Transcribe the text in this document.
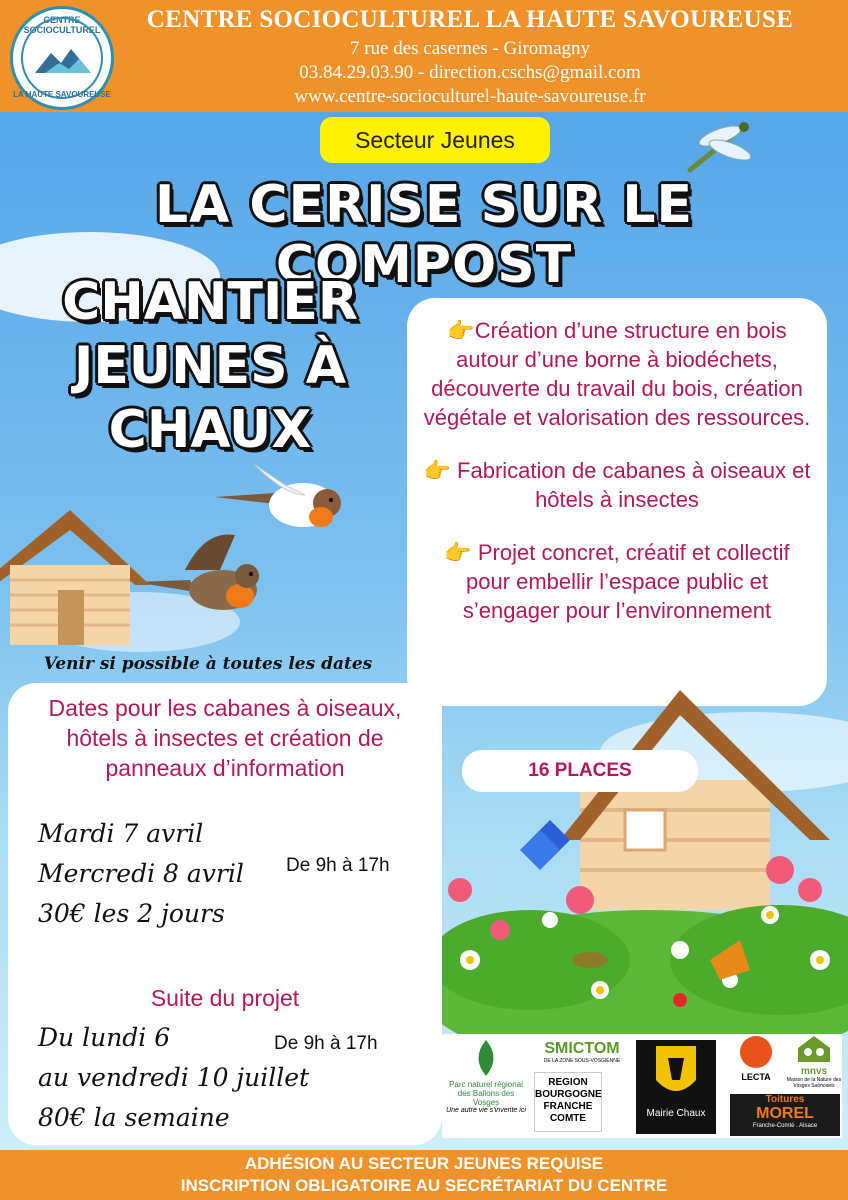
CENTRE SOCIOCULTUREL
LA HAUTE SAVOUREUSE
CENTRE SOCIOCULTUREL LA HAUTE SAVOUREUSE
7 rue des casernes - Giromagny
03.84.29.03.90 - direction.cschs@gmail.com
www.centre-socioculturel-haute-savoureuse.fr
Secteur Jeunes
LA CERISE SUR LE COMPOST
CHANTIER
JEUNES À
CHAUX

👉Création d’une structure en bois autour d’une borne à biodéchets, découverte du travail du bois, création végétale et valorisation des ressources.

👉 Fabrication de cabanes à oiseaux et hôtels à insectes

👉 Projet concret, créatif et collectif pour embellir l’espace public et s’engager pour l’environnement

Venir si possible à toutes les dates
16 PLACES
Dates pour les cabanes à oiseaux, hôtels à insectes et création de panneaux d’information
Mardi 7 avril
Mercredi 8 avril
30€ les 2 jours
De 9h à 17h
Suite du projet
Du lundi 6
au vendredi 10 juillet
80€ la semaine
De 9h à 17h
Parc naturel régional des Ballons des Vosges
Une autre vie s’invente ici
SMICTOM
DE LA ZONE SOUS-VOSGIENNE
REGION BOURGOGNE FRANCHE COMTE	Mairie Chaux
LECTA	mnvs
Maison de la Nature des Vosges Saônoises
Toitures
MOREL
Franche-Comté . Alsace
ADHÉSION AU SECTEUR JEUNES REQUISE
INSCRIPTION OBLIGATOIRE AU SECRÉTARIAT DU CENTRE
